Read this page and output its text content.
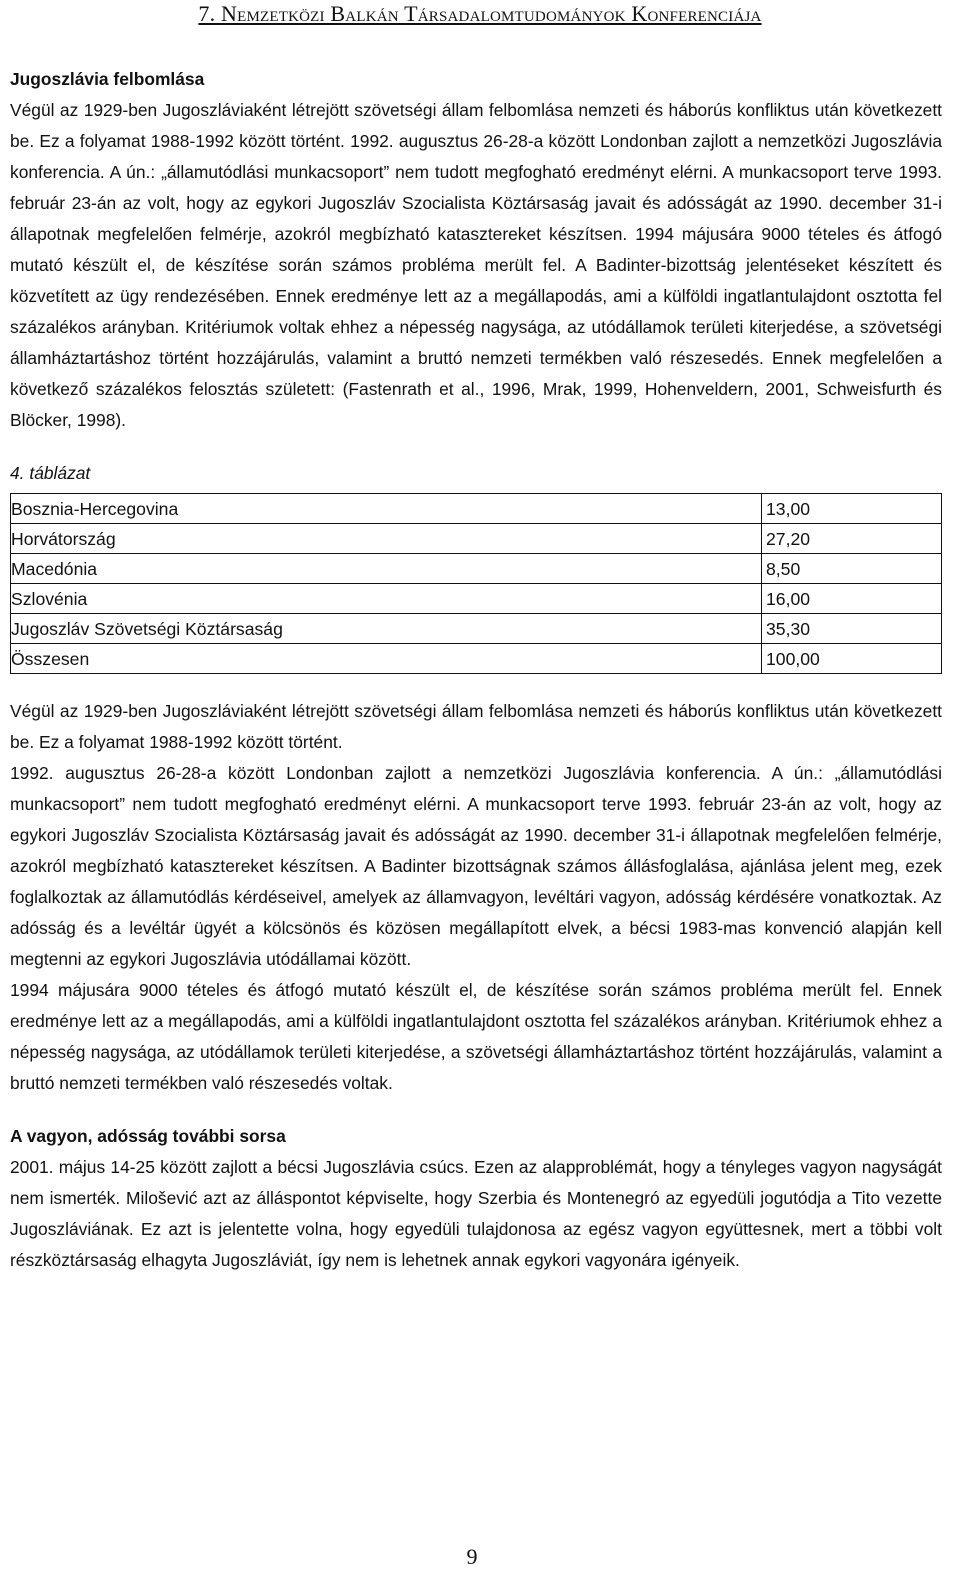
7. Nemzetközi Balkán Társadalomtudományok Konferenciája

Jugoszlávia felbomlása

Végül az 1929-ben Jugoszláviaként létrejött szövetségi állam felbomlása nemzeti és háborús konfliktus után következett be. Ez a folyamat 1988-1992 között történt. 1992. augusztus 26-28-a között Londonban zajlott a nemzetközi Jugoszlávia konferencia. A ún.: „államutódlási munkacsoport” nem tudott megfogható eredményt elérni. A munkacsoport terve 1993. február 23-án az volt, hogy az egykori Jugoszláv Szocialista Köztársaság javait és adósságát az 1990. december 31-i állapotnak megfelelően felmérje, azokról megbízható katasztereket készítsen. 1994 májusára 9000 tételes és átfogó mutató készült el, de készítése során számos probléma merült fel. A Badinter-bizottság jelentéseket készített és közvetített az ügy rendezésében. Ennek eredménye lett az a megállapodás, ami a külföldi ingatlantulajdont osztotta fel százalékos arányban. Kritériumok voltak ehhez a népesség nagysága, az utódállamok területi kiterjedése, a szövetségi államháztartáshoz történt hozzájárulás, valamint a bruttó nemzeti termékben való részesedés. Ennek megfelelően a következő százalékos felosztás született: (Fastenrath et al., 1996, Mrak, 1999, Hohenveldern, 2001, Schweisfurth és Blöcker, 1998).

4. táblázat

Bosznia-Hercegovina	13,00
Horvátország	27,20
Macedónia	8,50
Szlovénia	16,00
Jugoszláv Szövetségi Köztársaság	35,30
Összesen	100,00

Végül az 1929-ben Jugoszláviaként létrejött szövetségi állam felbomlása nemzeti és háborús konfliktus után következett be. Ez a folyamat 1988-1992 között történt.

1992. augusztus 26-28-a között Londonban zajlott a nemzetközi Jugoszlávia konferencia. A ún.: „államutódlási munkacsoport” nem tudott megfogható eredményt elérni. A munkacsoport terve 1993. február 23-án az volt, hogy az egykori Jugoszláv Szocialista Köztársaság javait és adósságát az 1990. december 31-i állapotnak megfelelően felmérje, azokról megbízható katasztereket készítsen. A Badinter bizottságnak számos állásfoglalása, ajánlása jelent meg, ezek foglalkoztak az államutódlás kérdéseivel, amelyek az államvagyon, levéltári vagyon, adósság kérdésére vonatkoztak. Az adósság és a levéltár ügyét a kölcsönös és közösen megállapított elvek, a bécsi 1983-mas konvenció alapján kell megtenni az egykori Jugoszlávia utódállamai között.

1994 májusára 9000 tételes és átfogó mutató készült el, de készítése során számos probléma merült fel. Ennek eredménye lett az a megállapodás, ami a külföldi ingatlantulajdont osztotta fel százalékos arányban. Kritériumok ehhez a népesség nagysága, az utódállamok területi kiterjedése, a szövetségi államháztartáshoz történt hozzájárulás, valamint a bruttó nemzeti termékben való részesedés voltak.

A vagyon, adósság további sorsa

2001. május 14-25 között zajlott a bécsi Jugoszlávia csúcs. Ezen az alapproblémát, hogy a tényleges vagyon nagyságát nem ismerték. Milošević azt az álláspontot képviselte, hogy Szerbia és Montenegró az egyedüli jogutódja a Tito vezette Jugoszláviának. Ez azt is jelentette volna, hogy egyedüli tulajdonosa az egész vagyon együttesnek, mert a többi volt részköztársaság elhagyta Jugoszláviát, így nem is lehetnek annak egykori vagyonára igényeik.

9
